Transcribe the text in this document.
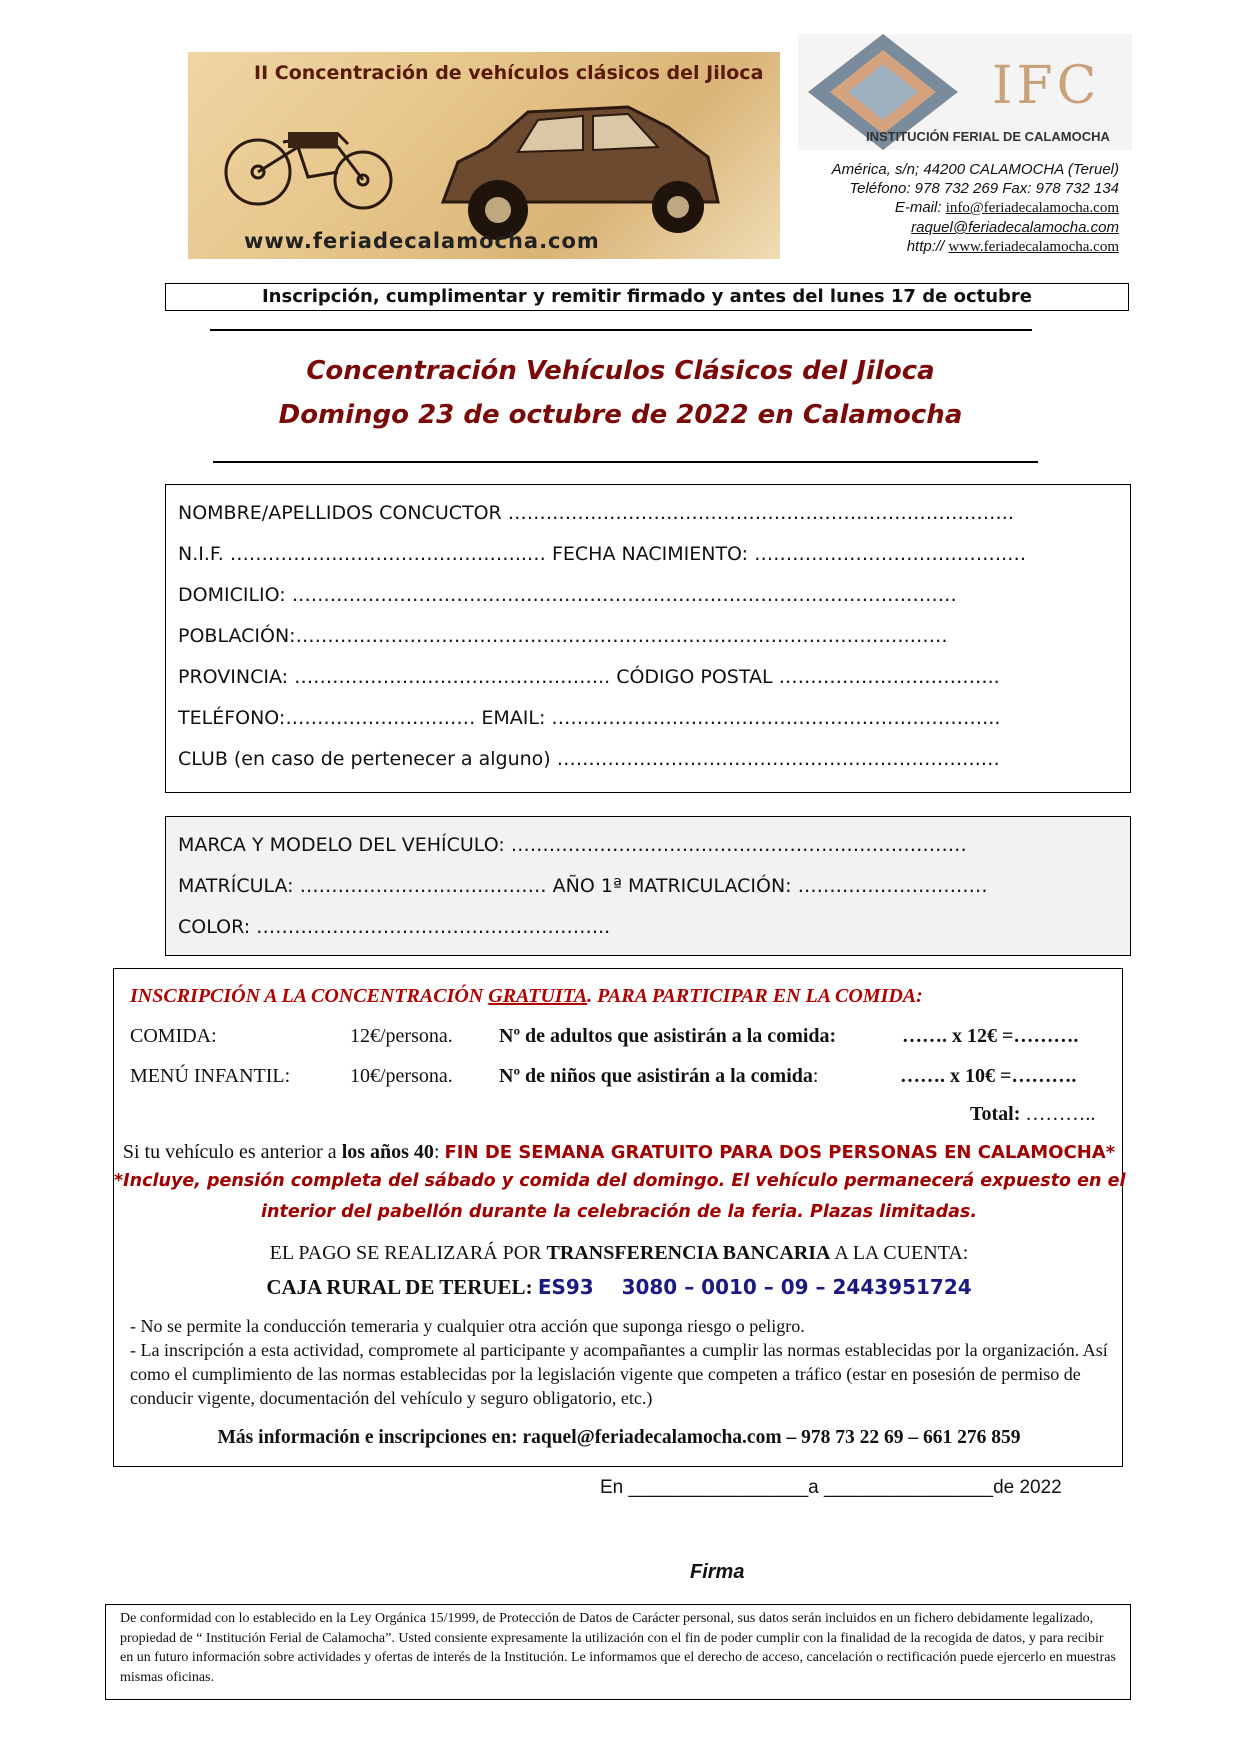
II Concentración de vehículos clásicos del Jiloca
www.feriadecalamocha.com
IFC
INSTITUCIÓN FERIAL DE CALAMOCHA
América, s/n; 44200 CALAMOCHA (Teruel)
Teléfono: 978 732 269 Fax: 978 732 134
E-mail: info@feriadecalamocha.com
raquel@feriadecalamocha.com
http:// www.feriadecalamocha.com
Inscripción, cumplimentar y remitir firmado y antes del lunes 17 de octubre
Concentración Vehículos Clásicos del Jiloca
Domingo 23 de octubre de 2022 en Calamocha
NOMBRE/APELLIDOS CONCUCTOR ……………………………………………………………………..
N.I.F. ………………………………………..… FECHA NACIMIENTO: ………………………………….…
DOMICILIO: ……………………………………………………………………………………………
POBLACIÓN:…………………………………………………………………………………….……
PROVINCIA: ………………………………………….. CÓDIGO POSTAL ……………………………..
TELÉFONO:………………………… EMAIL: ……………………………………………………………..
CLUB (en caso de pertenecer a alguno) ………………………………………………………….…
MARCA Y MODELO DEL VEHÍCULO: ………………………………………………………………
MATRÍCULA: ………………………………… AÑO 1ª MATRICULACIÓN: …………………………
COLOR: ………………………………………………..
INSCRIPCIÓN A LA CONCENTRACIÓN GRATUITA. PARA PARTICIPAR EN LA COMIDA:
COMIDA:	12€/persona. Nº de adultos que asistirán a la comida:	……. x 12€ =……….
MENÚ INFANTIL:	10€/persona. Nº de niños que asistirán a la comida:	……. x 10€ =……….
Total: ………..
Si tu vehículo es anterior a los años 40: FIN DE SEMANA GRATUITO PARA DOS PERSONAS EN CALAMOCHA*
*Incluye, pensión completa del sábado y comida del domingo. El vehículo permanecerá expuesto en el
interior del pabellón durante la celebración de la feria. Plazas limitadas.
EL PAGO SE REALIZARÁ POR TRANSFERENCIA BANCARIA A LA CUENTA:
CAJA RURAL DE TERUEL: ES93    3080 – 0010 – 09 – 2443951724
- No se permite la conducción temeraria y cualquier otra acción que suponga riesgo o peligro.
- La inscripción a esta actividad, compromete al participante y acompañantes a cumplir las normas establecidas por la organización. Así como el cumplimiento de las normas establecidas por la legislación vigente que competen a tráfico (estar en posesión de permiso de conducir vigente, documentación del vehículo y seguro obligatorio, etc.)
Más información e inscripciones en: raquel@feriadecalamocha.com – 978 73 22 69 – 661 276 859
En _________________a ________________de 2022
Firma
De conformidad con lo establecido en la Ley Orgánica 15/1999, de Protección de Datos de Carácter personal, sus datos serán incluidos en un fichero debidamente legalizado, propiedad de “ Institución Ferial de Calamocha”. Usted consiente expresamente la utilización con el fin de poder cumplir con la finalidad de la recogida de datos, y para recibir en un futuro información sobre actividades y ofertas de interés de la Institución. Le informamos que el derecho de acceso, cancelación o rectificación puede ejercerlo en muestras mismas oficinas.
